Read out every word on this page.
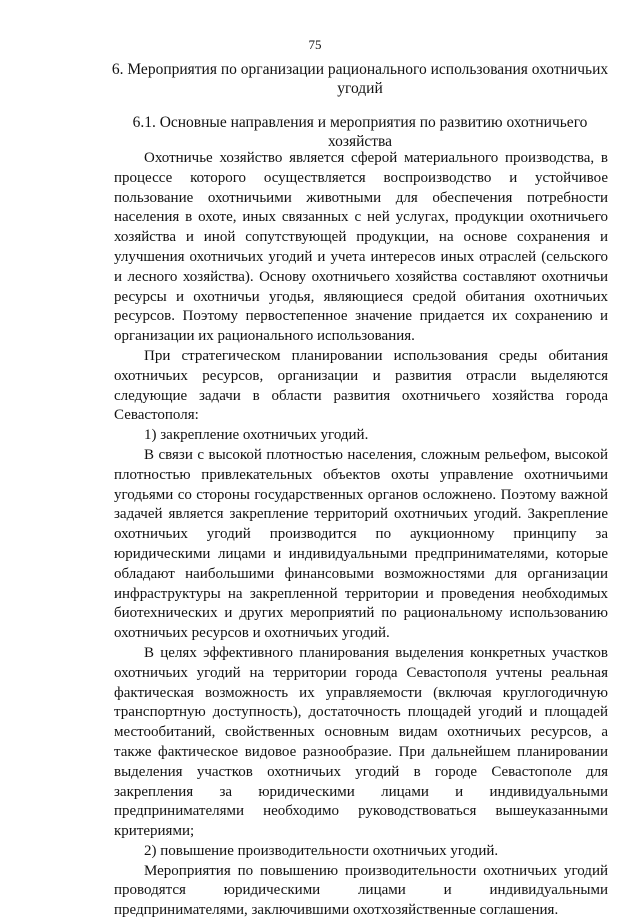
75
6. Мероприятия по организации рационального использования охотничьих угодий
6.1. Основные направления и мероприятия по развитию охотничьего хозяйства

Охотничье хозяйство является сферой материального производства, в процессе которого осуществляется воспроизводство и устойчивое пользование охотничьими животными для обеспечения потребности населения в охоте, иных связанных с ней услугах, продукции охотничьего хозяйства и иной сопутствующей продукции, на основе сохранения и улучшения охотничьих угодий и учета интересов иных отраслей (сельского и лесного хозяйства). Основу охотничьего хозяйства составляют охотничьи ресурсы и охотничьи угодья, являющиеся средой обитания охотничьих ресурсов. Поэтому первостепенное значение придается их сохранению и организации их рационального использования.

При стратегическом планировании использования среды обитания охотничьих ресурсов, организации и развития отрасли выделяются следующие задачи в области развития охотничьего хозяйства города Севастополя:

1) закрепление охотничьих угодий.

В связи с высокой плотностью населения, сложным рельефом, высокой плотностью привлекательных объектов охоты управление охотничьими угодьями со стороны государственных органов осложнено. Поэтому важной задачей является закрепление территорий охотничьих угодий. Закрепление охотничьих угодий производится по аукционному принципу за юридическими лицами и индивидуальными предпринимателями, которые обладают наибольшими финансовыми возможностями для организации инфраструктуры на закрепленной территории и проведения необходимых биотехнических и других мероприятий по рациональному использованию охотничьих ресурсов и охотничьих угодий.

В целях эффективного планирования выделения конкретных участков охотничьих угодий на территории города Севастополя учтены реальная фактическая возможность их управляемости (включая круглогодичную транспортную доступность), достаточность площадей угодий и площадей местообитаний, свойственных основным видам охотничьих ресурсов, а также фактическое видовое разнообразие. При дальнейшем планировании выделения участков охотничьих угодий в городе Севастополе для закрепления за юридическими лицами и индивидуальными предпринимателями необходимо руководствоваться вышеуказанными критериями;

2) повышение производительности охотничьих угодий.

Мероприятия по повышению производительности охотничьих угодий проводятся юридическими лицами и индивидуальными предпринимателями, заключившими охотхозяйственные соглашения.
